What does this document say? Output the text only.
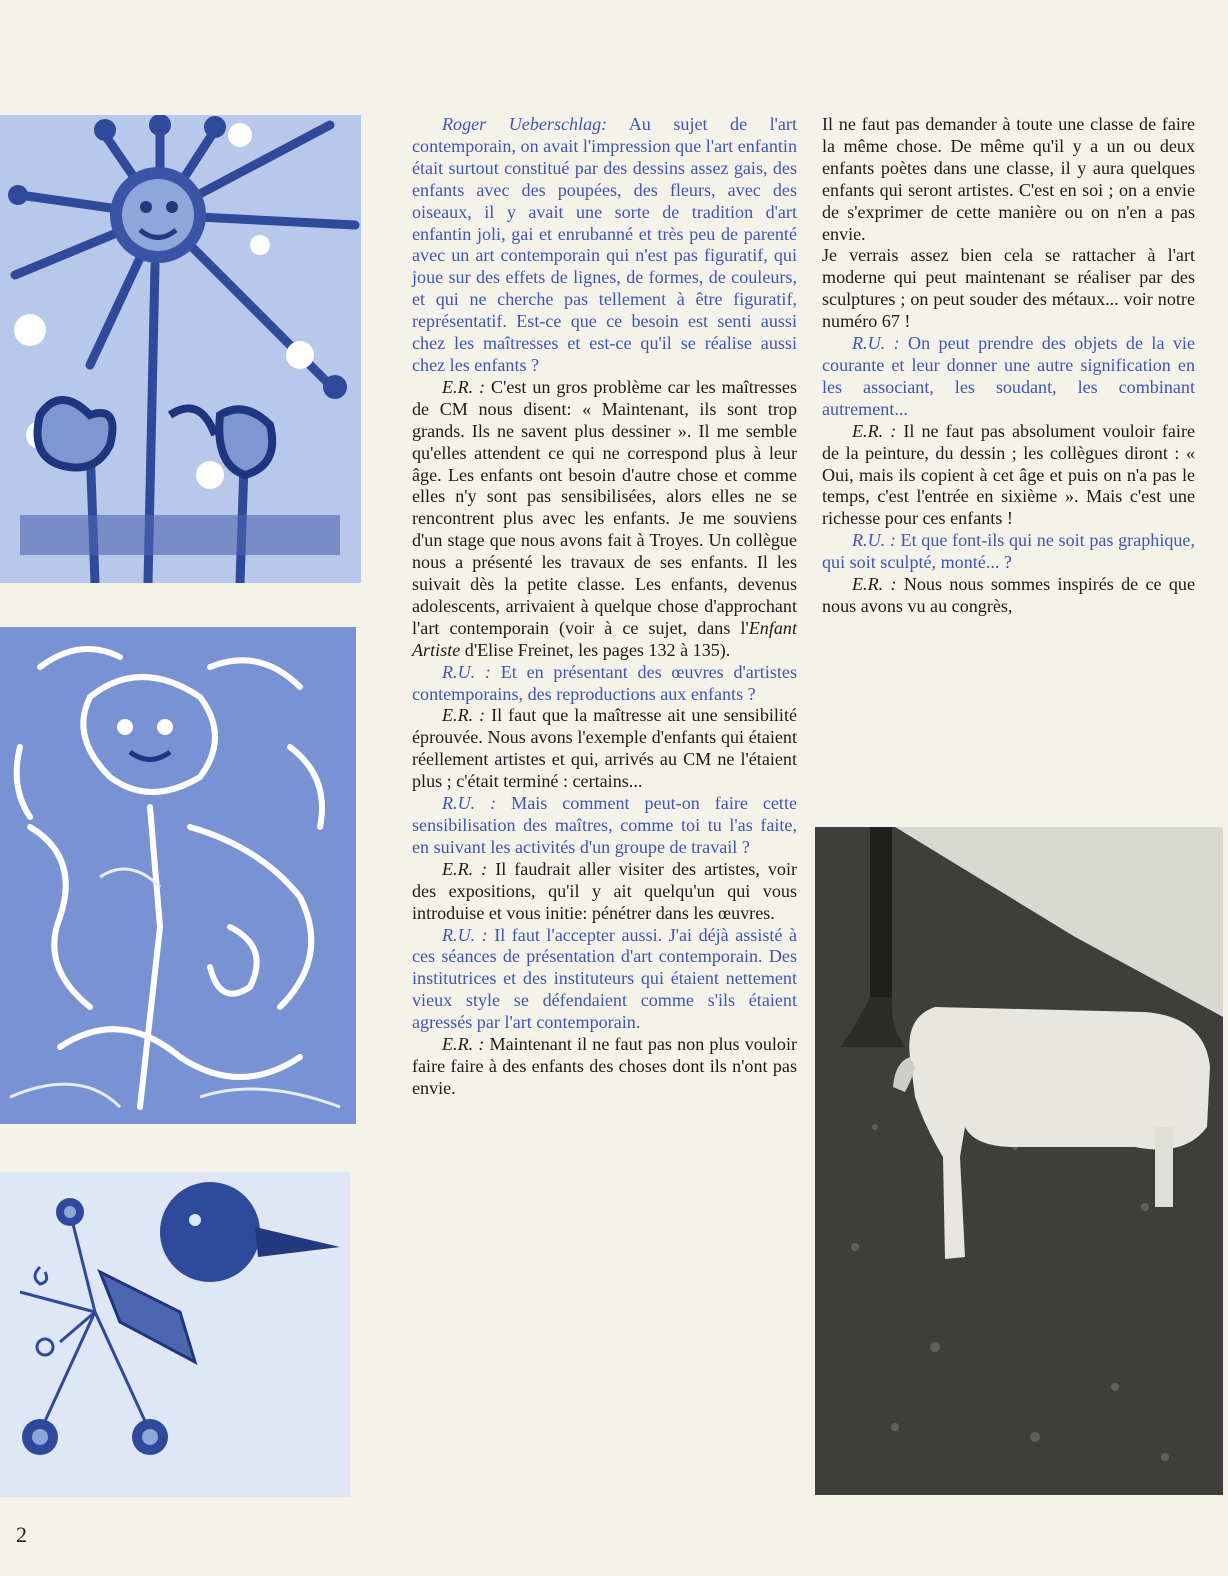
Roger Ueberschlag: Au sujet de l'art contemporain, on avait l'impression que l'art enfantin était surtout constitué par des dessins assez gais, des enfants avec des poupées, des fleurs, avec des oiseaux, il y avait une sorte de tradition d'art enfantin joli, gai et enrubanné et très peu de parenté avec un art contemporain qui n'est pas figuratif, qui joue sur des effets de lignes, de formes, de couleurs, et qui ne cherche pas tellement à être figuratif, représentatif. Est-ce que ce besoin est senti aussi chez les maîtresses et est-ce qu'il se réalise aussi chez les enfants ?

E.R. : C'est un gros problème car les maîtresses de CM nous disent: « Maintenant, ils sont trop grands. Ils ne savent plus dessiner ». Il me semble qu'elles attendent ce qui ne correspond plus à leur âge. Les enfants ont besoin d'autre chose et comme elles n'y sont pas sensibilisées, alors elles ne se rencontrent plus avec les enfants. Je me souviens d'un stage que nous avons fait à Troyes. Un collègue nous a présenté les travaux de ses enfants. Il les suivait dès la petite classe. Les enfants, devenus adolescents, arrivaient à quelque chose d'approchant l'art contemporain (voir à ce sujet, dans l'Enfant Artiste d'Elise Freinet, les pages 132 à 135).

R.U. : Et en présentant des œuvres d'artistes contemporains, des reproductions aux enfants ?

E.R. : Il faut que la maîtresse ait une sensibilité éprouvée. Nous avons l'exemple d'enfants qui étaient réellement artistes et qui, arrivés au CM ne l'étaient plus ; c'était terminé : certains...

R.U. : Mais comment peut-on faire cette sensibilisation des maîtres, comme toi tu l'as faite, en suivant les activités d'un groupe de travail ?

E.R. : Il faudrait aller visiter des artistes, voir des expositions, qu'il y ait quelqu'un qui vous introduise et vous initie: pénétrer dans les œuvres.

R.U. : Il faut l'accepter aussi. J'ai déjà assisté à ces séances de présentation d'art contemporain. Des institutrices et des instituteurs qui étaient nettement vieux style se défendaient comme s'ils étaient agressés par l'art contemporain.

E.R. : Maintenant il ne faut pas non plus vouloir faire faire à des enfants des choses dont ils n'ont pas envie.

Il ne faut pas demander à toute une classe de faire la même chose. De même qu'il y a un ou deux enfants poètes dans une classe, il y aura quelques enfants qui seront artistes. C'est en soi ; on a envie de s'exprimer de cette manière ou on n'en a pas envie.

Je verrais assez bien cela se rattacher à l'art moderne qui peut maintenant se réaliser par des sculptures ; on peut souder des métaux... voir notre numéro 67 !

R.U. : On peut prendre des objets de la vie courante et leur donner une autre signification en les associant, les soudant, les combinant autrement...

E.R. : Il ne faut pas absolument vouloir faire de la peinture, du dessin ; les collègues diront : « Oui, mais ils copient à cet âge et puis on n'a pas le temps, c'est l'entrée en sixième ». Mais c'est une richesse pour ces enfants !

R.U. : Et que font-ils qui ne soit pas graphique, qui soit sculpté, monté... ?

E.R. : Nous nous sommes inspirés de ce que nous avons vu au congrès,

2
